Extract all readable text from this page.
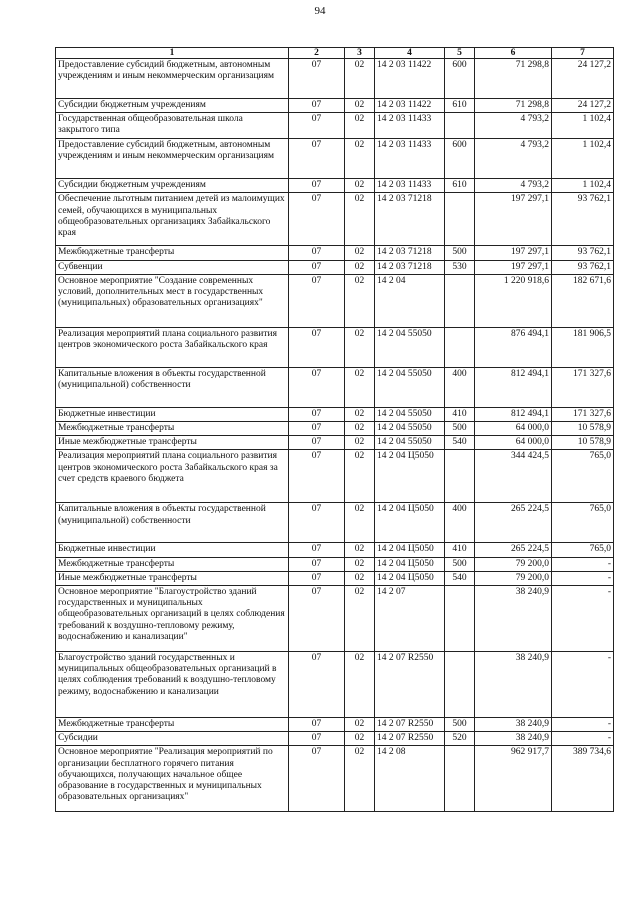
94
1	2	3	4	5	6	7
Предоставление субсидий бюджетным, автономным учреждениям и иным некоммерческим организациям	07	02	14 2 03 11422	600	71 298,8	24 127,2
Субсидии бюджетным учреждениям	07	02	14 2 03 11422	610	71 298,8	24 127,2
Государственная общеобразовательная школа закрытого типа	07	02	14 2 03 11433		4 793,2	1 102,4
Предоставление субсидий бюджетным, автономным учреждениям и иным некоммерческим организациям	07	02	14 2 03 11433	600	4 793,2	1 102,4
Субсидии бюджетным учреждениям	07	02	14 2 03 11433	610	4 793,2	1 102,4
Обеспечение льготным питанием детей из малоимущих семей, обучающихся в муниципальных общеобразовательных организациях Забайкальского края	07	02	14 2 03 71218		197 297,1	93 762,1
Межбюджетные трансферты	07	02	14 2 03 71218	500	197 297,1	93 762,1
Субвенции	07	02	14 2 03 71218	530	197 297,1	93 762,1
Основное мероприятие "Создание современных условий, дополнительных мест в государственных (муниципальных) образовательных организациях"	07	02	14 2 04		1 220 918,6	182 671,6
Реализация мероприятий плана социального развития центров экономического роста Забайкальского края	07	02	14 2 04 55050		876 494,1	181 906,5
Капитальные вложения в объекты государственной (муниципальной) собственности	07	02	14 2 04 55050	400	812 494,1	171 327,6
Бюджетные инвестиции	07	02	14 2 04 55050	410	812 494,1	171 327,6
Межбюджетные трансферты	07	02	14 2 04 55050	500	64 000,0	10 578,9
Иные межбюджетные трансферты	07	02	14 2 04 55050	540	64 000,0	10 578,9
Реализация мероприятий плана социального развития центров экономического роста Забайкальского края за счет средств краевого бюджета	07	02	14 2 04 Ц5050		344 424,5	765,0
Капитальные вложения в объекты государственной (муниципальной) собственности	07	02	14 2 04 Ц5050	400	265 224,5	765,0
Бюджетные инвестиции	07	02	14 2 04 Ц5050	410	265 224,5	765,0
Межбюджетные трансферты	07	02	14 2 04 Ц5050	500	79 200,0	-
Иные межбюджетные трансферты	07	02	14 2 04 Ц5050	540	79 200,0	-
Основное мероприятие "Благоустройство зданий государственных и муниципальных общеобразовательных организаций в целях соблюдения требований к воздушно-тепловому режиму, водоснабжению и канализации"	07	02	14 2 07		38 240,9	-
Благоустройство зданий государственных и муниципальных общеобразовательных организаций в целях соблюдения требований к воздушно-тепловому режиму, водоснабжению и канализации	07	02	14 2 07 R2550		38 240,9	-
Межбюджетные трансферты	07	02	14 2 07 R2550	500	38 240,9	-
Субсидии	07	02	14 2 07 R2550	520	38 240,9	-
Основное мероприятие "Реализация мероприятий по организации бесплатного горячего питания обучающихся, получающих начальное общее образование в государственных и муниципальных образовательных организациях"	07	02	14 2 08		962 917,7	389 734,6
